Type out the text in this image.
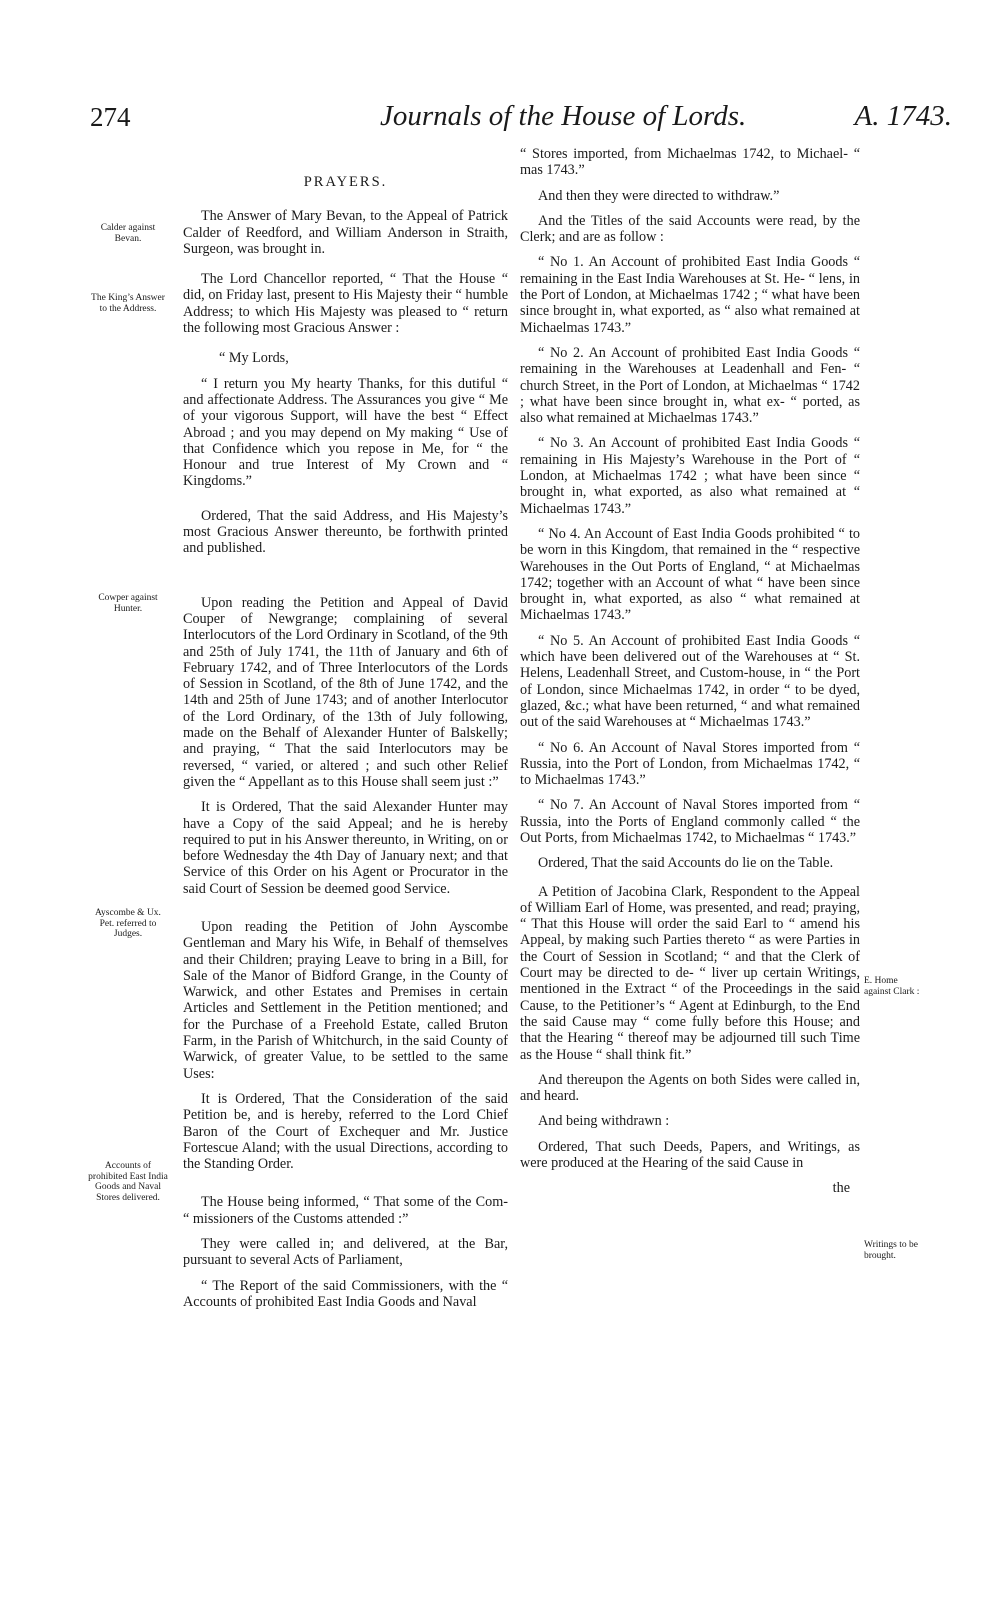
274	Journals of the House of Lords.	A. 1743.
Calder against Bevan.
The King’s Answer to the Address.
Cowper against Hunter.
Ayscombe & Ux. Pet. referred to Judges.
Accounts of prohibited East India Goods and Naval Stores delivered.
E. Home against Clark :
Writings to be brought.
PRAYERS.

The Answer of Mary Bevan, to the Appeal of Patrick Calder of Reedford, and William Anderson in Straith, Surgeon, was brought in.

The Lord Chancellor reported, “ That the House “ did, on Friday last, present to His Majesty their “ humble Address; to which His Majesty was pleased to “ return the following most Gracious Answer :

“ My Lords,

“ I return you My hearty Thanks, for this dutiful “ and affectionate Address. The Assurances you give “ Me of your vigorous Support, will have the best “ Effect Abroad ; and you may depend on My making “ Use of that Confidence which you repose in Me, for “ the Honour and true Interest of My Crown and “ Kingdoms.”

Ordered, That the said Address, and His Majesty’s most Gracious Answer thereunto, be forthwith printed and published.

Upon reading the Petition and Appeal of David Couper of Newgrange; complaining of several Interlocutors of the Lord Ordinary in Scotland, of the 9th and 25th of July 1741, the 11th of January and 6th of February 1742, and of Three Interlocutors of the Lords of Session in Scotland, of the 8th of June 1742, and the 14th and 25th of June 1743; and of another Interlocutor of the Lord Ordinary, of the 13th of July following, made on the Behalf of Alexander Hunter of Balskelly; and praying, “ That the said Interlocutors may be reversed, “ varied, or altered ; and such other Relief given the “ Appellant as to this House shall seem just :”

It is Ordered, That the said Alexander Hunter may have a Copy of the said Appeal; and he is hereby required to put in his Answer thereunto, in Writing, on or before Wednesday the 4th Day of January next; and that Service of this Order on his Agent or Procurator in the said Court of Session be deemed good Service.

Upon reading the Petition of John Ayscombe Gentleman and Mary his Wife, in Behalf of themselves and their Children; praying Leave to bring in a Bill, for Sale of the Manor of Bidford Grange, in the County of Warwick, and other Estates and Premises in certain Articles and Settlement in the Petition mentioned; and for the Purchase of a Freehold Estate, called Bruton Farm, in the Parish of Whitchurch, in the said County of Warwick, of greater Value, to be settled to the same Uses:

It is Ordered, That the Consideration of the said Petition be, and is hereby, referred to the Lord Chief Baron of the Court of Exchequer and Mr. Justice Fortescue Aland; with the usual Directions, according to the Standing Order.

The House being informed, “ That some of the Com- “ missioners of the Customs attended :”

They were called in; and delivered, at the Bar, pursuant to several Acts of Parliament,

“ The Report of the said Commissioners, with the “ Accounts of prohibited East India Goods and Naval

“ Stores imported, from Michaelmas 1742, to Michael- “ mas 1743.”

And then they were directed to withdraw.”

And the Titles of the said Accounts were read, by the Clerk; and are as follow :

“ No 1. An Account of prohibited East India Goods “ remaining in the East India Warehouses at St. He- “ lens, in the Port of London, at Michaelmas 1742 ; “ what have been since brought in, what exported, as “ also what remained at Michaelmas 1743.”

“ No 2. An Account of prohibited East India Goods “ remaining in the Warehouses at Leadenhall and Fen- “ church Street, in the Port of London, at Michaelmas “ 1742 ; what have been since brought in, what ex- “ ported, as also what remained at Michaelmas 1743.”

“ No 3. An Account of prohibited East India Goods “ remaining in His Majesty’s Warehouse in the Port of “ London, at Michaelmas 1742 ; what have been since “ brought in, what exported, as also what remained at “ Michaelmas 1743.”

“ No 4. An Account of East India Goods prohibited “ to be worn in this Kingdom, that remained in the “ respective Warehouses in the Out Ports of England, “ at Michaelmas 1742; together with an Account of what “ have been since brought in, what exported, as also “ what remained at Michaelmas 1743.”

“ No 5. An Account of prohibited East India Goods “ which have been delivered out of the Warehouses at “ St. Helens, Leadenhall Street, and Custom-house, in “ the Port of London, since Michaelmas 1742, in order “ to be dyed, glazed, &c.; what have been returned, “ and what remained out of the said Warehouses at “ Michaelmas 1743.”

“ No 6. An Account of Naval Stores imported from “ Russia, into the Port of London, from Michaelmas 1742, “ to Michaelmas 1743.”

“ No 7. An Account of Naval Stores imported from “ Russia, into the Ports of England commonly called “ the Out Ports, from Michaelmas 1742, to Michaelmas “ 1743.”

Ordered, That the said Accounts do lie on the Table.

A Petition of Jacobina Clark, Respondent to the Appeal of William Earl of Home, was presented, and read; praying, “ That this House will order the said Earl to “ amend his Appeal, by making such Parties thereto “ as were Parties in the Court of Session in Scotland; “ and that the Clerk of Court may be directed to de- “ liver up certain Writings, mentioned in the Extract “ of the Proceedings in the said Cause, to the Petitioner’s “ Agent at Edinburgh, to the End the said Cause may “ come fully before this House; and that the Hearing “ thereof may be adjourned till such Time as the House “ shall think fit.”

And thereupon the Agents on both Sides were called in, and heard.

And being withdrawn :

Ordered, That such Deeds, Papers, and Writings, as were produced at the Hearing of the said Cause in

the
